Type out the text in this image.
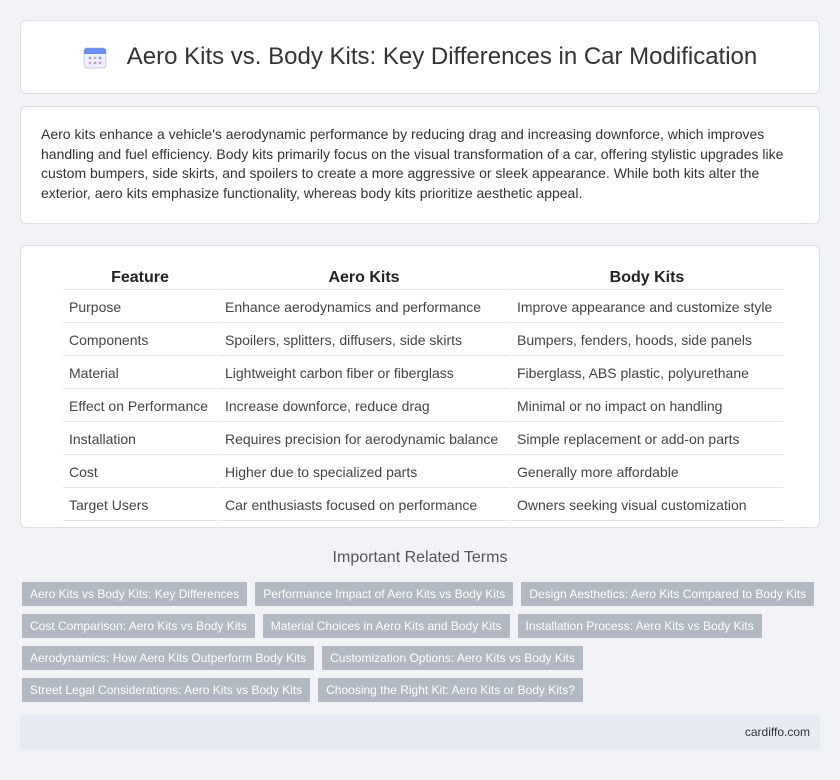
Aero Kits vs. Body Kits: Key Differences in Car Modification

Aero kits enhance a vehicle's aerodynamic performance by reducing drag and increasing downforce, which improves handling and fuel efficiency. Body kits primarily focus on the visual transformation of a car, offering stylistic upgrades like custom bumpers, side skirts, and spoilers to create a more aggressive or sleek appearance. While both kits alter the exterior, aero kits emphasize functionality, whereas body kits prioritize aesthetic appeal.

Feature	Aero Kits	Body Kits
Purpose	Enhance aerodynamics and performance	Improve appearance and customize style
Components	Spoilers, splitters, diffusers, side skirts	Bumpers, fenders, hoods, side panels
Material	Lightweight carbon fiber or fiberglass	Fiberglass, ABS plastic, polyurethane
Effect on Performance	Increase downforce, reduce drag	Minimal or no impact on handling
Installation	Requires precision for aerodynamic balance	Simple replacement or add-on parts
Cost	Higher due to specialized parts	Generally more affordable
Target Users	Car enthusiasts focused on performance	Owners seeking visual customization
Important Related Terms
Aero Kits vs Body Kits: Key Differences	Performance Impact of Aero Kits vs Body Kits	Design Aesthetics: Aero Kits Compared to Body Kits
Cost Comparison: Aero Kits vs Body Kits	Material Choices in Aero Kits and Body Kits	Installation Process: Aero Kits vs Body Kits
Aerodynamics: How Aero Kits Outperform Body Kits	Customization Options: Aero Kits vs Body Kits
Street Legal Considerations: Aero Kits vs Body Kits	Choosing the Right Kit: Aero Kits or Body Kits?
cardiffo.com
